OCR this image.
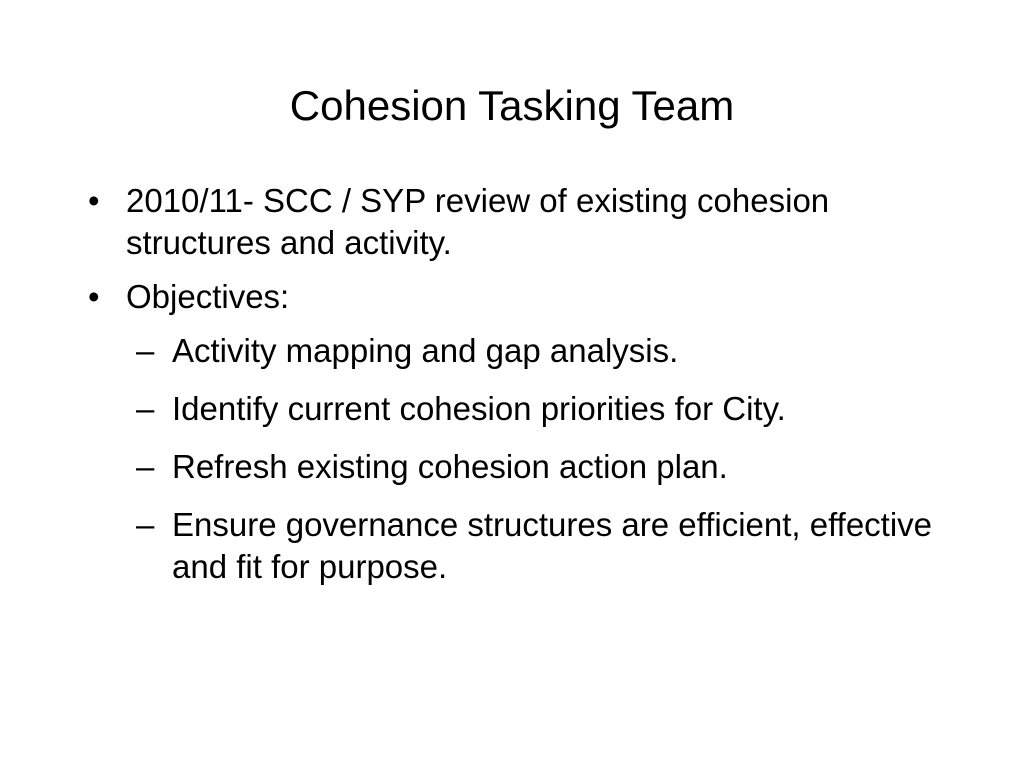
Cohesion Tasking Team
• 2010/11- SCC / SYP review of existing cohesion structures and activity.
• Objectives:
– Activity mapping and gap analysis.
– Identify current cohesion priorities for City.
– Refresh existing cohesion action plan.
– Ensure governance structures are efficient, effective and fit for purpose.
